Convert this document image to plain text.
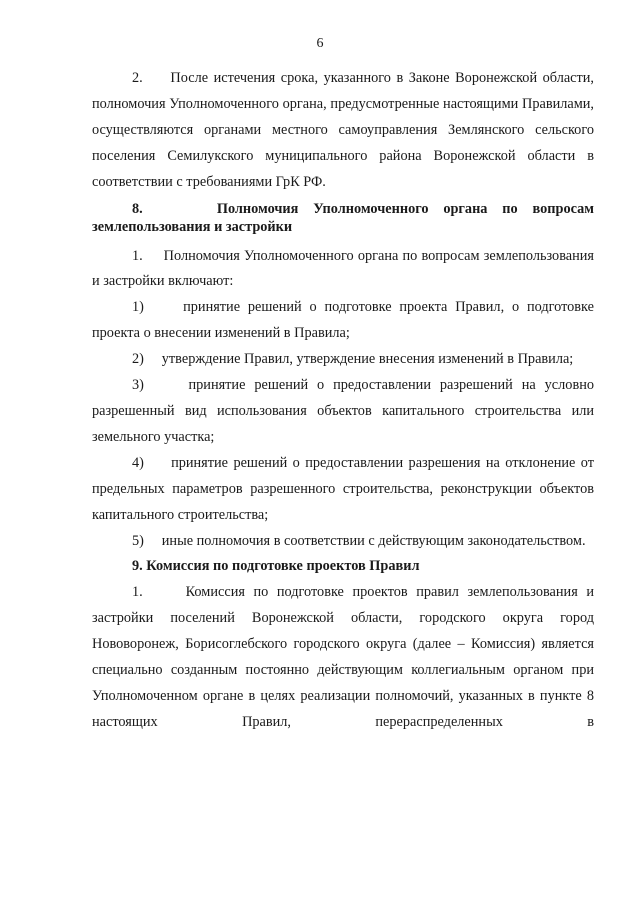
6

2.     После истечения срока, указанного в Законе Воронежской области, полномочия Уполномоченного органа, предусмотренные настоящими Правилами, осуществляются органами местного самоуправления Землянского сельского поселения Семилукского муниципального района Воронежской области в соответствии с требованиями ГрК РФ.

8.     Полномочия Уполномоченного органа по вопросам землепользования и застройки

1.     Полномочия Уполномоченного органа по вопросам землепользования и застройки включают:

1)     принятие решений о подготовке проекта Правил, о подготовке проекта о внесении изменений в Правила;

2)     утверждение Правил, утверждение внесения изменений в Правила;

3)     принятие решений о предоставлении разрешений на условно разрешенный вид использования объектов капитального строительства или земельного участка;

4)     принятие решений о предоставлении разрешения на отклонение от предельных параметров разрешенного строительства, реконструкции объектов капитального строительства;

5)     иные полномочия в соответствии с действующим законодательством.

9. Комиссия по подготовке проектов Правил

1.     Комиссия по подготовке проектов правил землепользования и застройки поселений Воронежской области, городского округа город Нововоронеж, Борисоглебского городского округа (далее – Комиссия) является специально созданным постоянно действующим коллегиальным органом при Уполномоченном органе в целях реализации полномочий, указанных в пункте 8 настоящих Правил, перераспределенных в
